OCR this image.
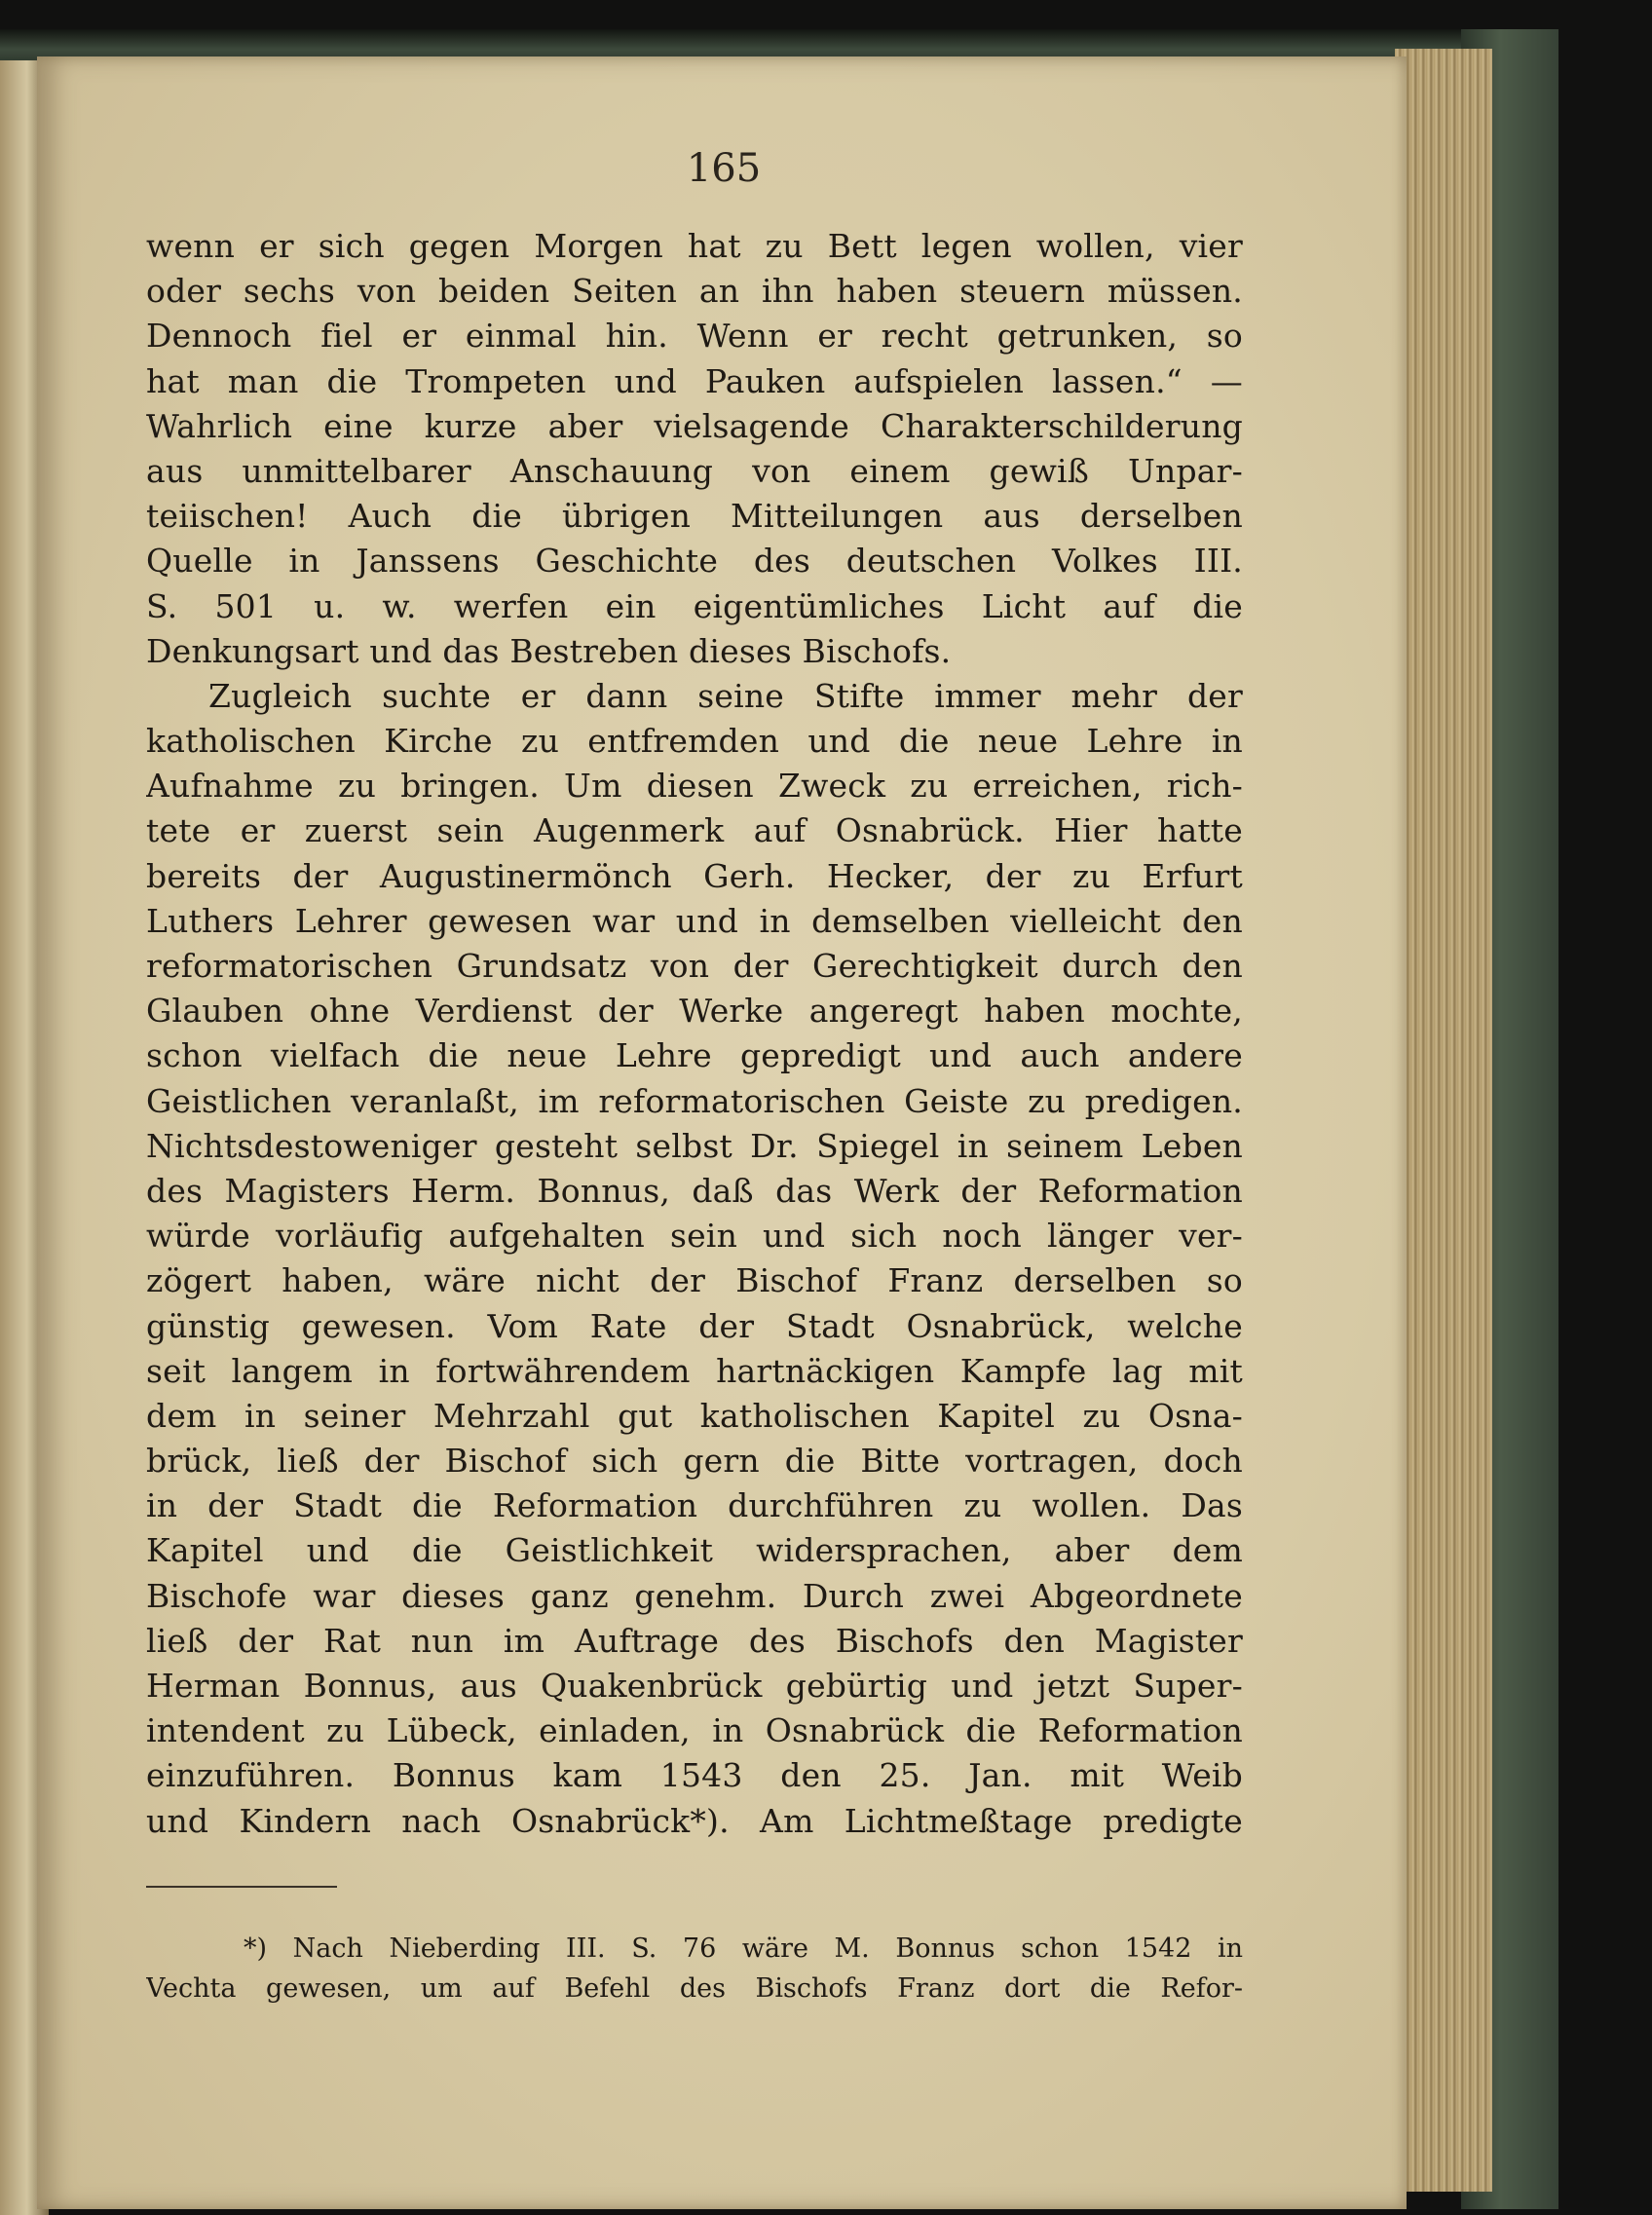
165
wenn er sich gegen Morgen hat zu Bett legen wollen, vier
oder sechs von beiden Seiten an ihn haben steuern müssen.
Dennoch fiel er einmal hin. Wenn er recht getrunken, so
hat man die Trompeten und Pauken aufspielen lassen.“ —
Wahrlich eine kurze aber vielsagende Charakterschilderung
aus unmittelbarer Anschauung von einem gewiß Unpar-
teiischen! Auch die übrigen Mitteilungen aus derselben
Quelle in Janssens Geschichte des deutschen Volkes III.
S. 501 u. w. werfen ein eigentümliches Licht auf die
Denkungsart und das Bestreben dieses Bischofs.
Zugleich suchte er dann seine Stifte immer mehr der
katholischen Kirche zu entfremden und die neue Lehre in
Aufnahme zu bringen. Um diesen Zweck zu erreichen, rich-
tete er zuerst sein Augenmerk auf Osnabrück. Hier hatte
bereits der Augustinermönch Gerh. Hecker, der zu Erfurt
Luthers Lehrer gewesen war und in demselben vielleicht den
reformatorischen Grundsatz von der Gerechtigkeit durch den
Glauben ohne Verdienst der Werke angeregt haben mochte,
schon vielfach die neue Lehre gepredigt und auch andere
Geistlichen veranlaßt, im reformatorischen Geiste zu predigen.
Nichtsdestoweniger gesteht selbst Dr. Spiegel in seinem Leben
des Magisters Herm. Bonnus, daß das Werk der Reformation
würde vorläufig aufgehalten sein und sich noch länger ver-
zögert haben, wäre nicht der Bischof Franz derselben so
günstig gewesen. Vom Rate der Stadt Osnabrück, welche
seit langem in fortwährendem hartnäckigen Kampfe lag mit
dem in seiner Mehrzahl gut katholischen Kapitel zu Osna-
brück, ließ der Bischof sich gern die Bitte vortragen, doch
in der Stadt die Reformation durchführen zu wollen. Das
Kapitel und die Geistlichkeit widersprachen, aber dem
Bischofe war dieses ganz genehm. Durch zwei Abgeordnete
ließ der Rat nun im Auftrage des Bischofs den Magister
Herman Bonnus, aus Quakenbrück gebürtig und jetzt Super-
intendent zu Lübeck, einladen, in Osnabrück die Reformation
einzuführen. Bonnus kam 1543 den 25. Jan. mit Weib
und Kindern nach Osnabrück*). Am Lichtmeßtage predigte
*) Nach Nieberding III. S. 76 wäre M. Bonnus schon 1542 in
Vechta gewesen, um auf Befehl des Bischofs Franz dort die Refor-
